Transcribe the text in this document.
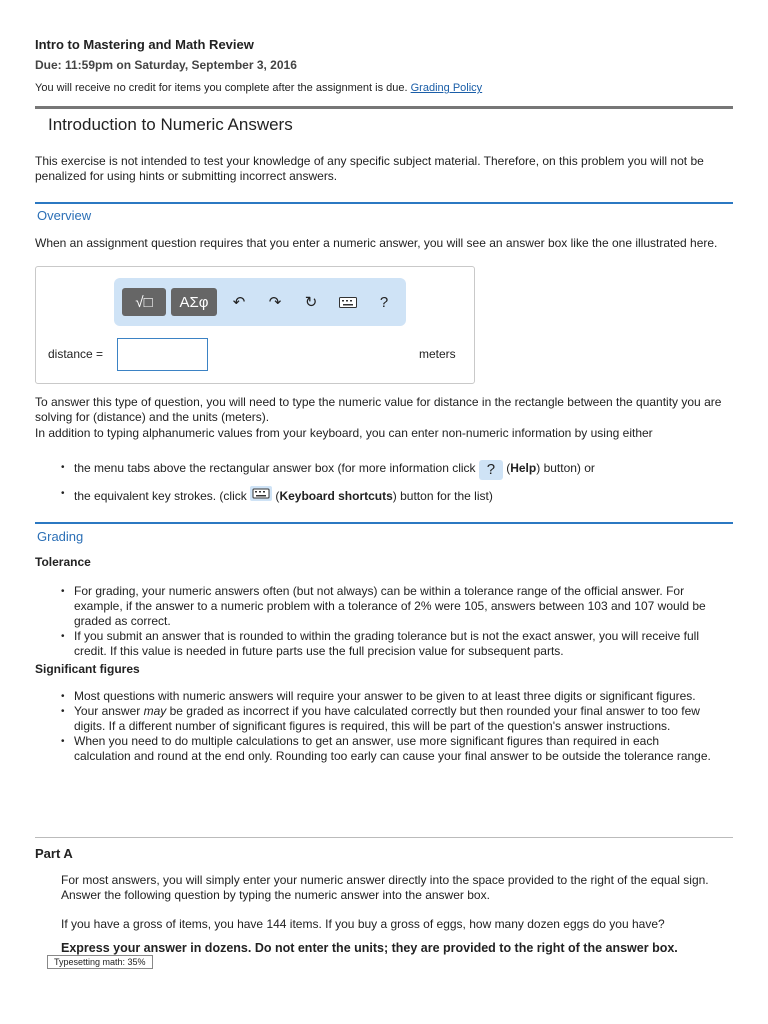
Intro to Mastering and Math Review
Due: 11:59pm on Saturday, September 3, 2016
You will receive no credit for items you complete after the assignment is due. Grading Policy
Introduction to Numeric Answers
This exercise is not intended to test your knowledge of any specific subject material. Therefore, on this problem you will not be penalized for using hints or submitting incorrect answers.
Overview
When an assignment question requires that you enter a numeric answer, you will see an answer box like the one illustrated here.
√□ ΑΣφ ↶ ↷ ↻	?
distance =	meters
To answer this type of question, you will need to type the numeric value for distance in the rectangle between the quantity you are solving for (distance) and the units (meters).
In addition to typing alphanumeric values from your keyboard, you can enter non-numeric information by using either
• the menu tabs above the rectangular answer box (for more information click ? (Help) button) or
• the equivalent key strokes. (click  (Keyboard shortcuts) button for the list)
Grading
Tolerance
• For grading, your numeric answers often (but not always) can be within a tolerance range of the official answer. For example, if the answer to a numeric problem with a tolerance of 2% were 105, answers between 103 and 107 would be graded as correct.
• If you submit an answer that is rounded to within the grading tolerance but is not the exact answer, you will receive full credit. If this value is needed in future parts use the full precision value for subsequent parts.
Significant figures
• Most questions with numeric answers will require your answer to be given to at least three digits or significant figures.
• Your answer may be graded as incorrect if you have calculated correctly but then rounded your final answer to too few digits. If a different number of significant figures is required, this will be part of the question's answer instructions.
• When you need to do multiple calculations to get an answer, use more significant figures than required in each calculation and round at the end only. Rounding too early can cause your final answer to be outside the tolerance range.
Part A
For most answers, you will simply enter your numeric answer directly into the space provided to the right of the equal sign. Answer the following question by typing the numeric answer into the answer box.
If you have a gross of items, you have 144 items. If you buy a gross of eggs, how many dozen eggs do you have?
Express your answer in dozens. Do not enter the units; they are provided to the right of the answer box.
Typesetting math: 35%
